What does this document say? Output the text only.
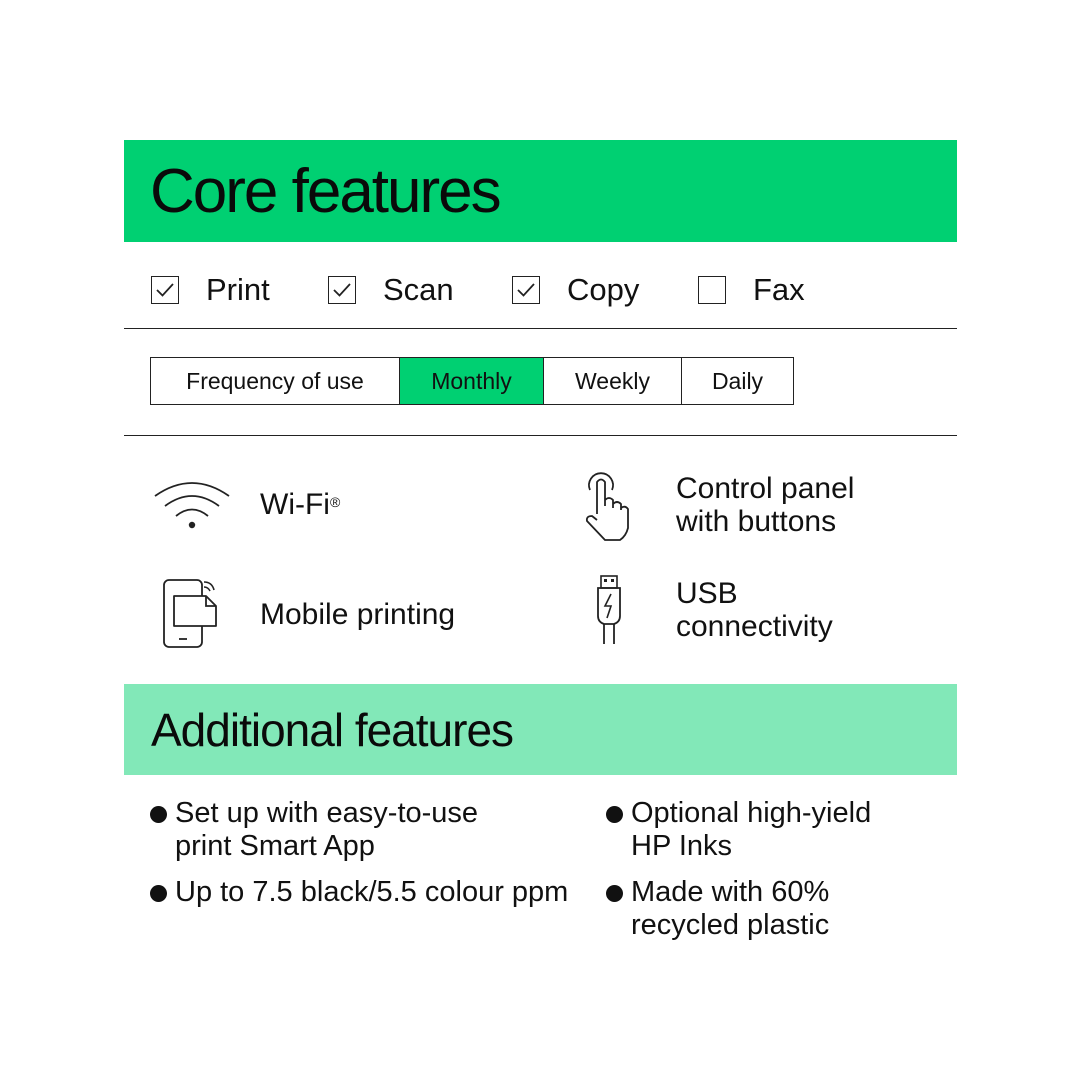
Core features
Print	Scan	Copy	Fax
Frequency of use	Monthly	Weekly	Daily
Wi-Fi®	Control panel
with buttons
Mobile printing
USB
connectivity
Additional features
Set up with easy-to-use
print Smart App
Up to 7.5 black/5.5 colour ppm
Optional high-yield
HP Inks
Made with 60%
recycled plastic
